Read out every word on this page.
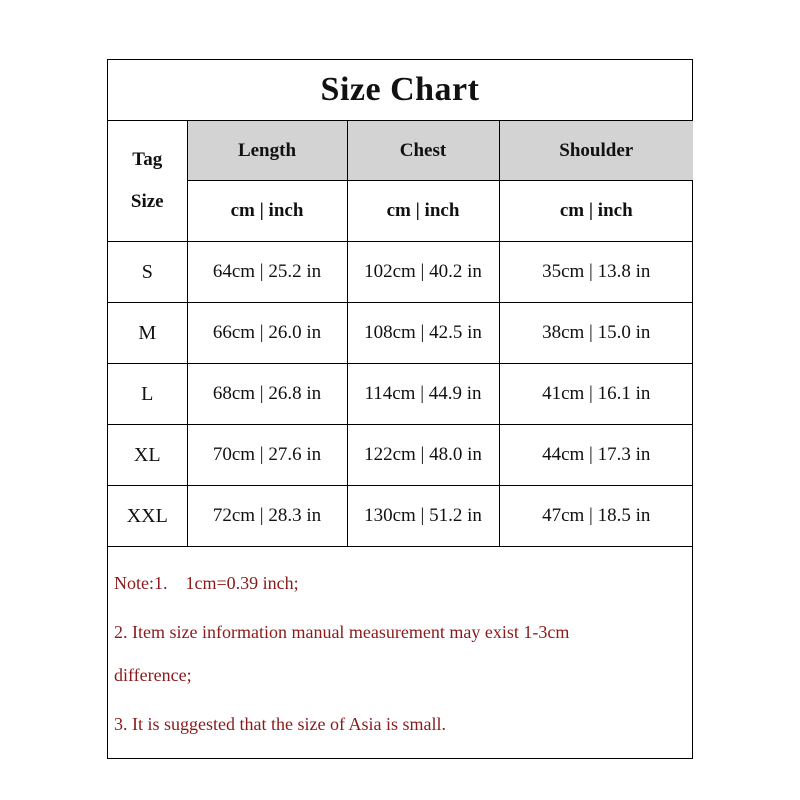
Size Chart
Tag
Size	Length	Chest	Shoulder
	cm | inch	cm | inch	cm | inch
S	64cm | 25.2 in	102cm | 40.2 in	35cm | 13.8 in
M	66cm | 26.0 in	108cm | 42.5 in	38cm | 15.0 in
L	68cm | 26.8 in	114cm | 44.9 in	41cm | 16.1 in
XL	70cm | 27.6 in	122cm | 48.0 in	44cm | 17.3 in
XXL	72cm | 28.3 in	130cm | 51.2 in	47cm | 18.5 in
Note:1.    1cm=0.39 inch;
2. Item size information manual measurement may exist 1-3cm
difference;
3. It is suggested that the size of Asia is small.
